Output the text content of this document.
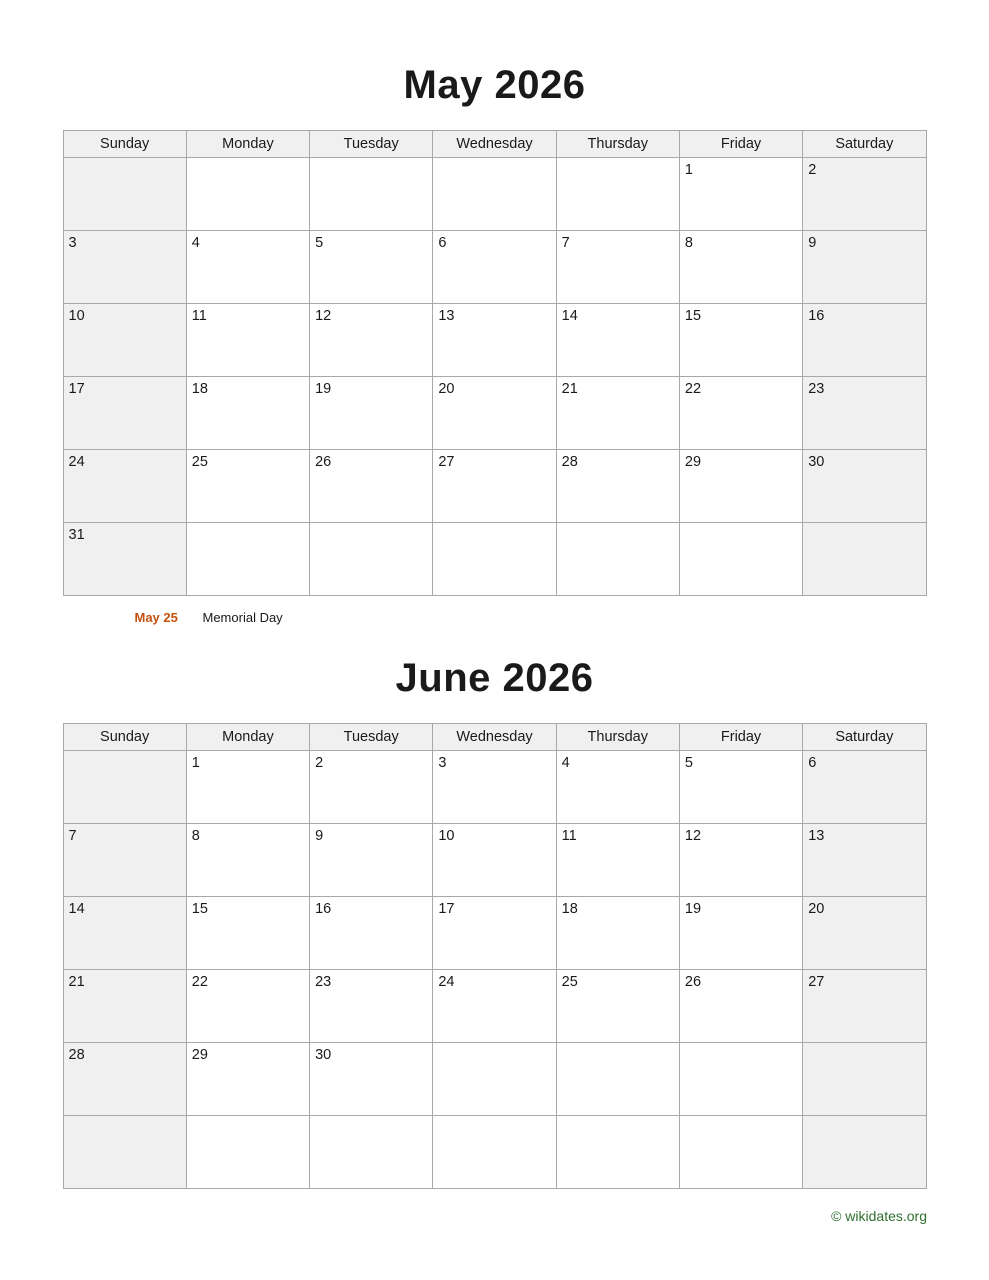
May 2026
Sunday	Monday	Tuesday	Wednesday	Thursday	Friday	Saturday
					1	2
3	4	5	6	7	8	9
10	11	12	13	14	15	16
17	18	19	20	21	22	23
24	25	26	27	28	29	30
31						
May 25	Memorial Day
June 2026
Sunday	Monday	Tuesday	Wednesday	Thursday	Friday	Saturday
	1	2	3	4	5	6
7	8	9	10	11	12	13
14	15	16	17	18	19	20
21	22	23	24	25	26	27
28	29	30				

© wikidates.org
